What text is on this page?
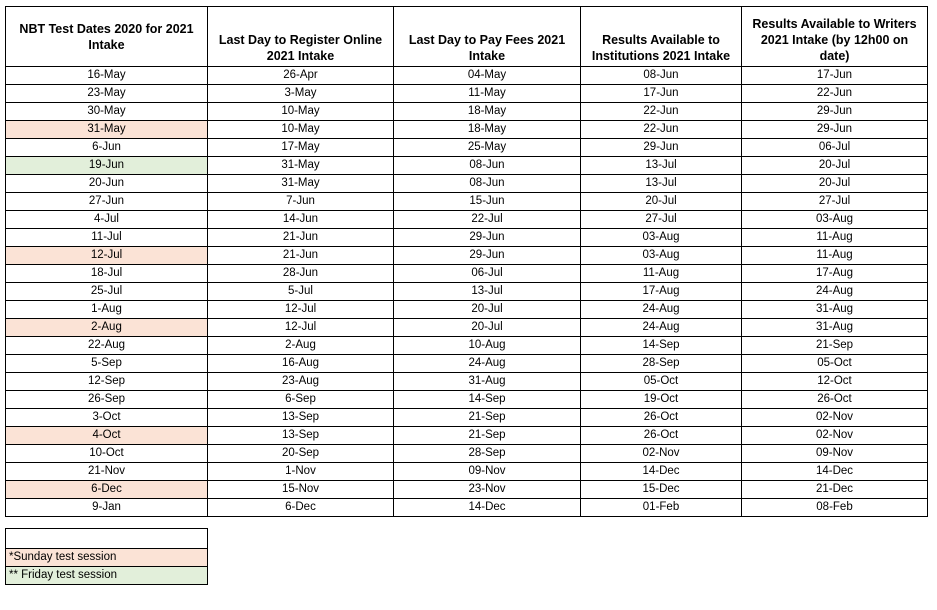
NBT Test Dates 2020 for 2021 Intake	Last Day to Register Online 2021 Intake	Last Day to Pay Fees 2021 Intake	Results Available to Institutions 2021 Intake	Results Available to Writers 2021 Intake (by 12h00 on date)
16-May	26-Apr	04-May	08-Jun	17-Jun
23-May	3-May	11-May	17-Jun	22-Jun
30-May	10-May	18-May	22-Jun	29-Jun
31-May	10-May	18-May	22-Jun	29-Jun
6-Jun	17-May	25-May	29-Jun	06-Jul
19-Jun	31-May	08-Jun	13-Jul	20-Jul
20-Jun	31-May	08-Jun	13-Jul	20-Jul
27-Jun	7-Jun	15-Jun	20-Jul	27-Jul
4-Jul	14-Jun	22-Jul	27-Jul	03-Aug
11-Jul	21-Jun	29-Jun	03-Aug	11-Aug
12-Jul	21-Jun	29-Jun	03-Aug	11-Aug
18-Jul	28-Jun	06-Jul	11-Aug	17-Aug
25-Jul	5-Jul	13-Jul	17-Aug	24-Aug
1-Aug	12-Jul	20-Jul	24-Aug	31-Aug
2-Aug	12-Jul	20-Jul	24-Aug	31-Aug
22-Aug	2-Aug	10-Aug	14-Sep	21-Sep
5-Sep	16-Aug	24-Aug	28-Sep	05-Oct
12-Sep	23-Aug	31-Aug	05-Oct	12-Oct
26-Sep	6-Sep	14-Sep	19-Oct	26-Oct
3-Oct	13-Sep	21-Sep	26-Oct	02-Nov
4-Oct	13-Sep	21-Sep	26-Oct	02-Nov
10-Oct	20-Sep	28-Sep	02-Nov	09-Nov
21-Nov	1-Nov	09-Nov	14-Dec	14-Dec
6-Dec	15-Nov	23-Nov	15-Dec	21-Dec
9-Jan	6-Dec	14-Dec	01-Feb	08-Feb

*Sunday test session
** Friday test session
